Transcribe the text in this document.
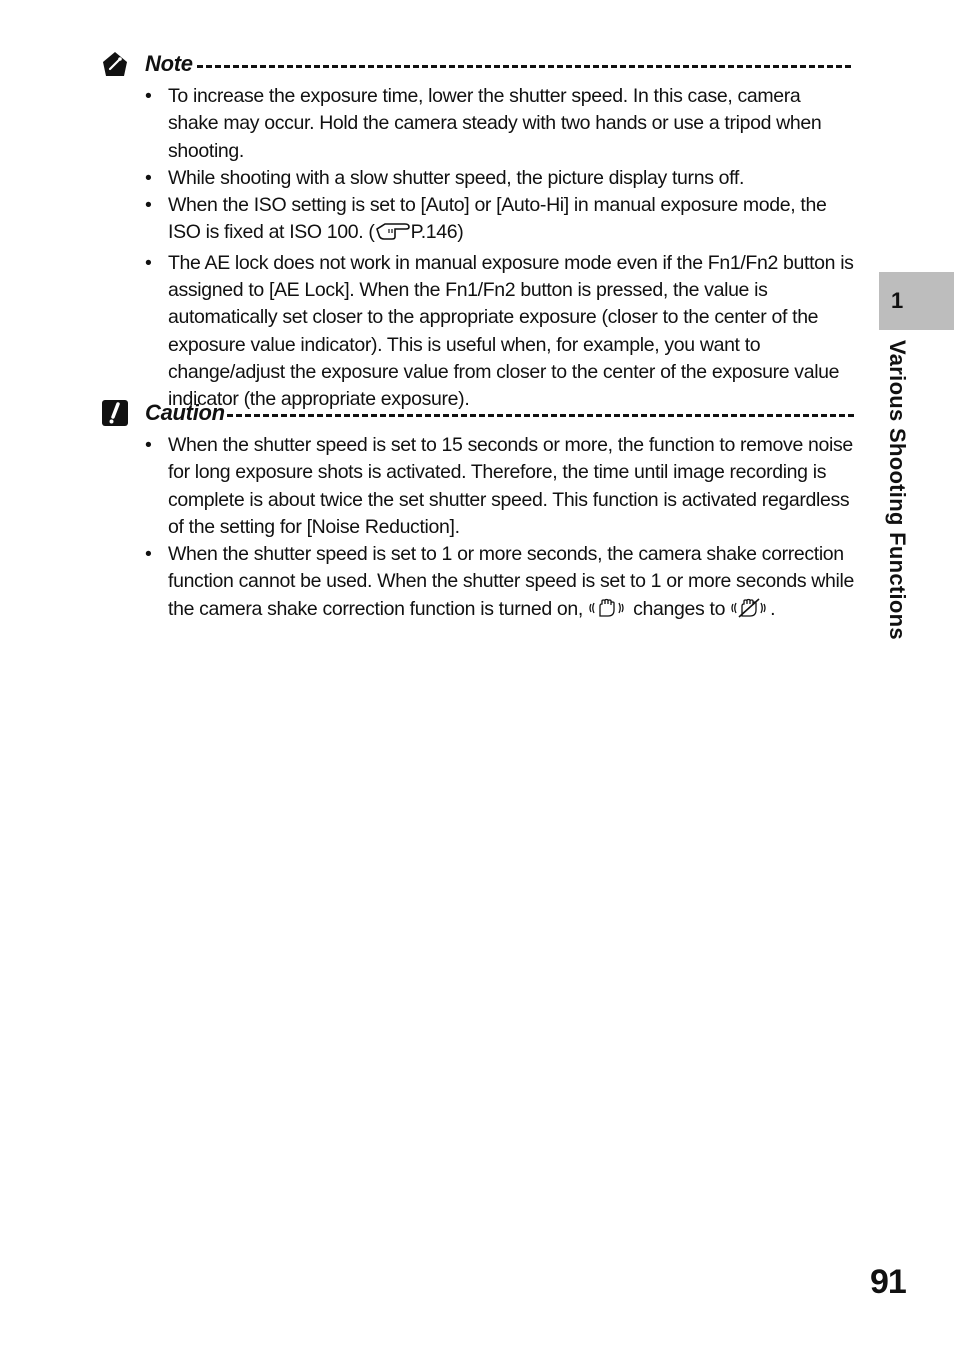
Note
• To increase the exposure time, lower the shutter speed. In this case, camera shake may occur. Hold the camera steady with two hands or use a tripod when shooting.
• While shooting with a slow shutter speed, the picture display turns off.
• When the ISO setting is set to [Auto] or [Auto-Hi] in manual exposure mode, the ISO is fixed at ISO 100. ( P.146)
• The AE lock does not work in manual exposure mode even if the Fn1/Fn2 button is assigned to [AE Lock]. When the Fn1/Fn2 button is pressed, the value is automatically set closer to the appropriate exposure (closer to the center of the exposure value indicator). This is useful when, for example, you want to change/adjust the exposure value from closer to the center of the exposure value indicator (the appropriate exposure).
Caution
• When the shutter speed is set to 15 seconds or more, the function to remove noise for long exposure shots is activated. Therefore, the time until image recording is complete is about twice the set shutter speed. This function is activated regardless of the setting for [Noise Reduction].
• When the shutter speed is set to 1 or more seconds, the camera shake correction function cannot be used. When the shutter speed is set to 1 or more seconds while the camera shake correction function is turned on,	changes to .
1
Various Shooting Functions
91
